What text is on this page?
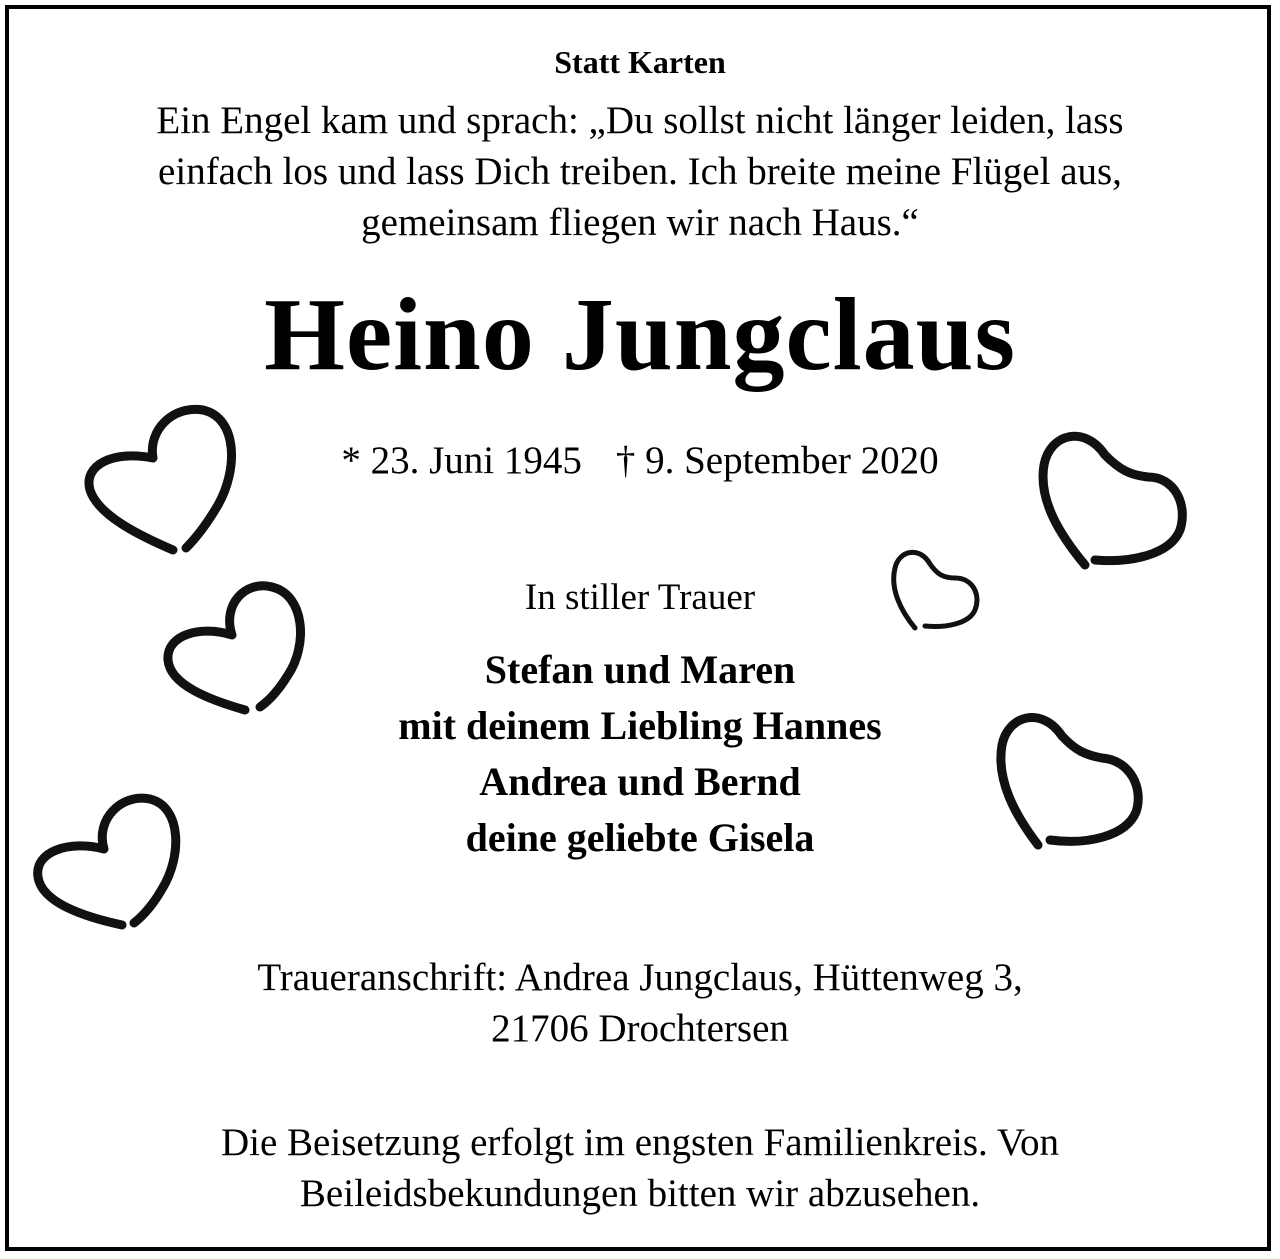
Statt Karten
Ein Engel kam und sprach: „Du sollst nicht länger leiden, lass
einfach los und lass Dich treiben. Ich breite meine Flügel aus,
gemeinsam fliegen wir nach Haus.“
Heino Jungclaus
* 23. Juni 1945 † 9. September 2020
In stiller Trauer
Stefan und Maren
mit deinem Liebling Hannes
Andrea und Bernd
deine geliebte Gisela
Traueranschrift: Andrea Jungclaus, Hüttenweg 3,
21706 Drochtersen
Die Beisetzung erfolgt im engsten Familienkreis. Von
Beileidsbekundungen bitten wir abzusehen.
